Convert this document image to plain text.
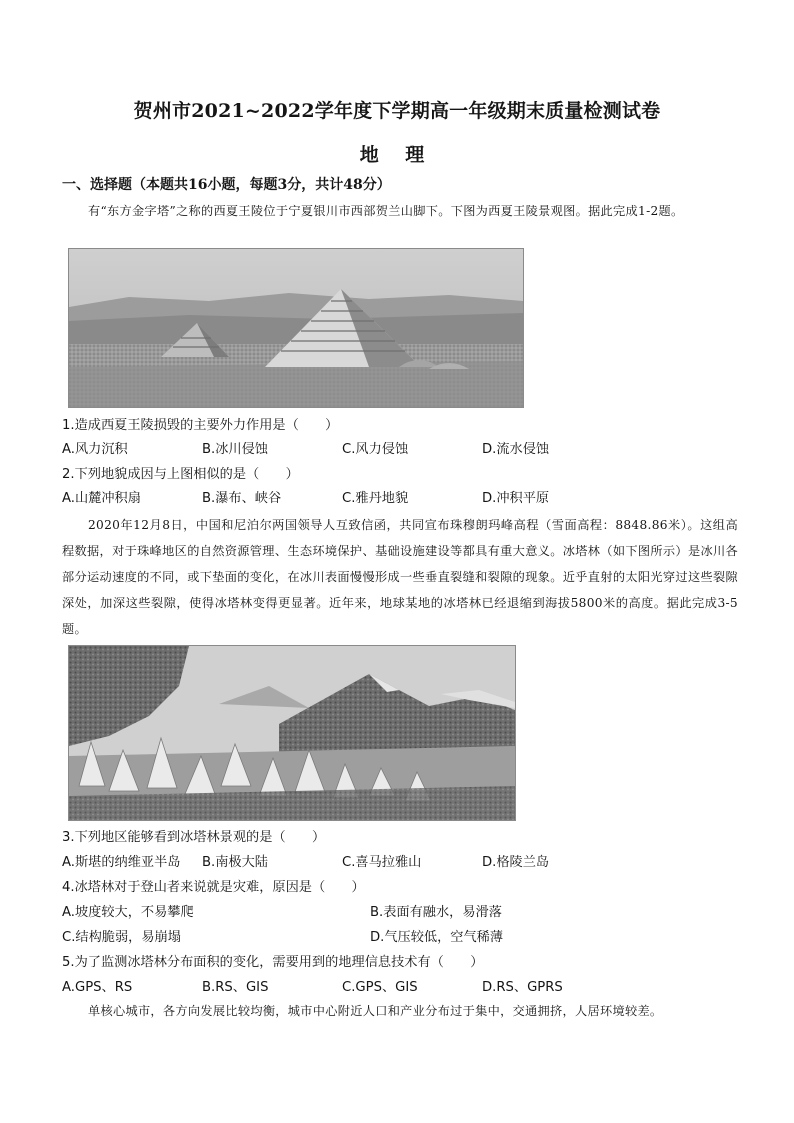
贺州市2021~2022学年度下学期高一年级期末质量检测试卷
地 理
一、选择题（本题共16小题，每题3分，共计48分）
有“东方金字塔”之称的西夏王陵位于宁夏银川市西部贺兰山脚下。下图为西夏王陵景观图。据此完成1-2题。
1.造成西夏王陵损毁的主要外力作用是（　　）
A.风力沉积	B.冰川侵蚀	C.风力侵蚀	D.流水侵蚀
2.下列地貌成因与上图相似的是（　　）
A.山麓冲积扇	B.瀑布、峡谷	C.雅丹地貌	D.冲积平原
2020年12月8日，中国和尼泊尔两国领导人互致信函，共同宣布珠穆朗玛峰高程（雪面高程：8848.86米）。这组高程数据，对于珠峰地区的自然资源管理、生态环境保护、基础设施建设等都具有重大意义。冰塔林（如下图所示）是冰川各部分运动速度的不同，或下垫面的变化，在冰川表面慢慢形成一些垂直裂缝和裂隙的现象。近乎直射的太阳光穿过这些裂隙深处，加深这些裂隙，使得冰塔林变得更显著。近年来，地球某地的冰塔林已经退缩到海拔5800米的高度。据此完成3-5题。
3.下列地区能够看到冰塔林景观的是（　　）
A.斯堪的纳维亚半岛 B.南极大陆	C.喜马拉雅山	D.格陵兰岛
4.冰塔林对于登山者来说就是灾难，原因是（　　）
A.坡度较大，不易攀爬	B.表面有融水，易滑落
C.结构脆弱，易崩塌	D.气压较低，空气稀薄
5.为了监测冰塔林分布面积的变化，需要用到的地理信息技术有（　　）
A.GPS、RS	B.RS、GIS	C.GPS、GIS	D.RS、GPRS
单核心城市，各方向发展比较均衡，城市中心附近人口和产业分布过于集中，交通拥挤，人居环境较差。
